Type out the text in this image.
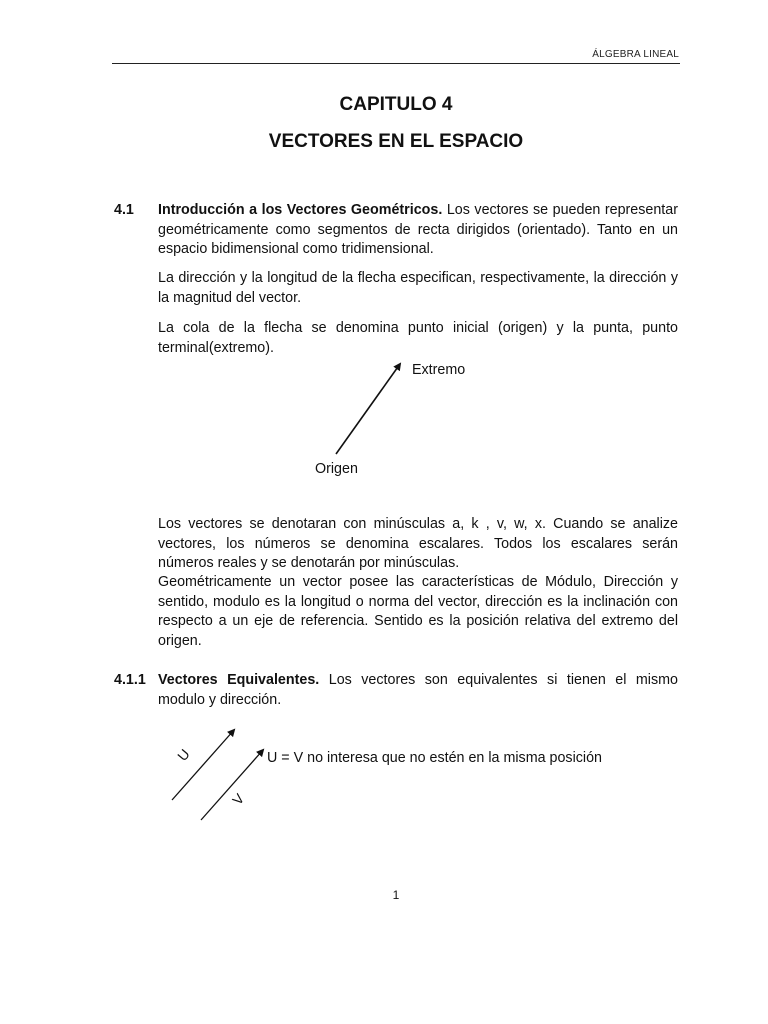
ÁLGEBRA LINEAL
CAPITULO 4
VECTORES EN EL ESPACIO
4.1 Introducción a los Vectores Geométricos. Los vectores se pueden representar geométricamente como segmentos de recta dirigidos (orientado). Tanto en un espacio bidimensional como tridimensional.
La dirección y la longitud de la flecha especifican, respectivamente, la dirección y la magnitud del vector.
La cola de la flecha se denomina punto inicial (origen) y la punta, punto terminal(extremo).
Extremo
Origen
Los vectores se denotaran con minúsculas a, k , v, w, x. Cuando se analize vectores, los números se denomina escalares. Todos los escalares serán números reales y se denotarán por minúsculas.
Geométricamente un vector posee las características de Módulo, Dirección y sentido, modulo es la longitud o norma del vector, dirección es la inclinación con respecto a un eje de referencia. Sentido es la posición relativa del extremo del origen.
4.1.1 Vectores Equivalentes. Los vectores son equivalentes si tienen el mismo modulo y dirección.
U
V
U = V no interesa que no estén en la misma posición
1
